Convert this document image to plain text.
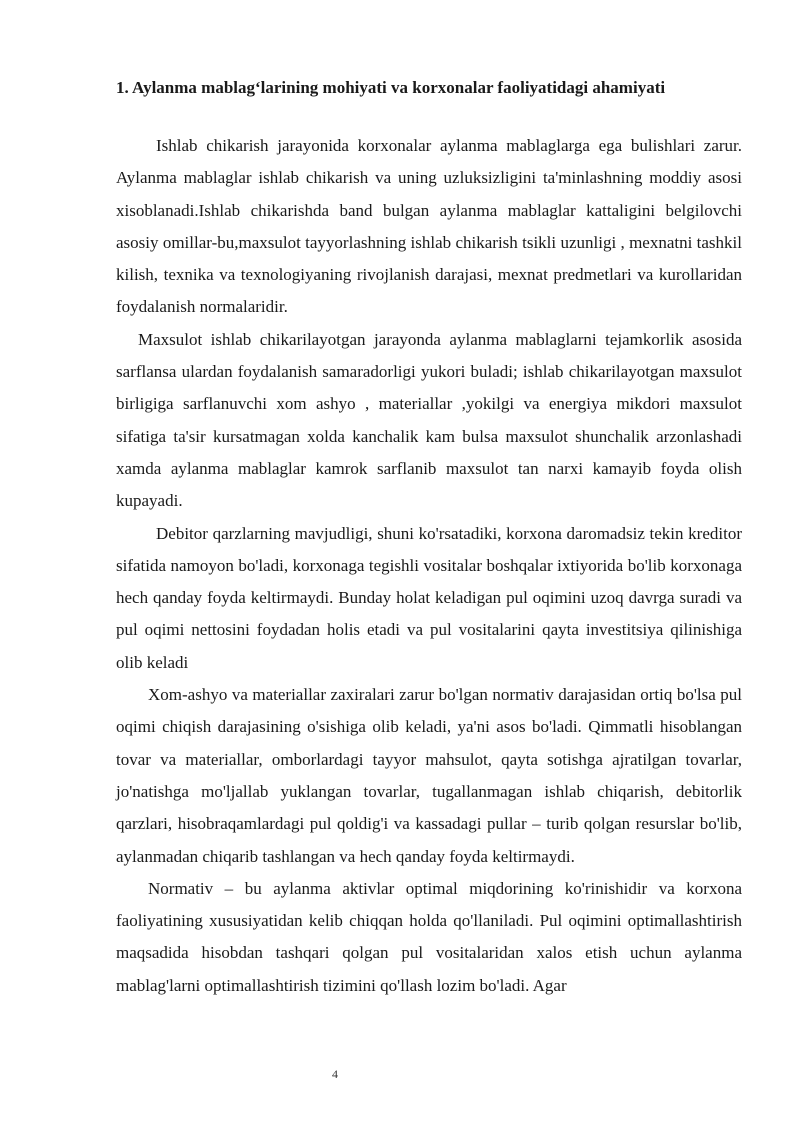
1. Aylanma mablag‘larining mohiyati va korxonalar faoliyatidagi ahamiyati

Ishlab chikarish jarayonida korxonalar aylanma mablaglarga ega bulishlari zarur. Aylanma mablaglar ishlab chikarish va uning uzluksizligini ta'minlashning moddiy asosi xisoblanadi.Ishlab chikarishda band bulgan aylanma mablaglar kattaligini belgilovchi asosiy omillar-bu,maxsulot tayyorlashning ishlab chikarish tsikli uzunligi , mexnatni tashkil kilish, texnika va texnologiyaning rivojlanish darajasi, mexnat predmetlari va kurollaridan foydalanish normalaridir.

Maxsulot ishlab chikarilayotgan jarayonda aylanma mablaglarni tejamkorlik asosida sarflansa ulardan foydalanish samaradorligi yukori buladi; ishlab chikarilayotgan maxsulot birligiga sarflanuvchi xom ashyo , materiallar ,yokilgi va energiya mikdori maxsulot sifatiga ta'sir kursatmagan xolda kanchalik kam bulsa maxsulot shunchalik arzonlashadi xamda aylanma mablaglar kamrok sarflanib maxsulot tan narxi kamayib foyda olish kupayadi.

Debitor qarzlarning mavjudligi, shuni ko'rsatadiki, korxona daromadsiz tekin kreditor sifatida namoyon bo'ladi, korxonaga tegishli vositalar boshqalar ixtiyorida bo'lib korxonaga hech qanday foyda keltirmaydi. Bunday holat keladigan pul oqimini uzoq davrga suradi va pul oqimi nettosini foydadan holis etadi va pul vositalarini qayta investitsiya qilinishiga olib keladi

Xom-ashyo va materiallar zaxiralari zarur bo'lgan normativ darajasidan ortiq bo'lsa pul oqimi chiqish darajasining o'sishiga olib keladi, ya'ni asos bo'ladi. Qimmatli hisoblangan tovar va materiallar, omborlardagi tayyor mahsulot, qayta sotishga ajratilgan tovarlar, jo'natishga mo'ljallab yuklangan tovarlar, tugallanmagan ishlab chiqarish, debitorlik qarzlari, hisobraqamlardagi pul qoldig'i va kassadagi pullar – turib qolgan resurslar bo'lib, aylanmadan chiqarib tashlangan va hech qanday foyda keltirmaydi.

Normativ – bu aylanma aktivlar optimal miqdorining ko'rinishidir va korxona faoliyatining xususiyatidan kelib chiqqan holda qo'llaniladi. Pul oqimini optimallashtirish maqsadida hisobdan tashqari qolgan pul vositalaridan xalos etish uchun aylanma mablag'larni optimallashtirish tizimini qo'llash lozim bo'ladi. Agar

4
